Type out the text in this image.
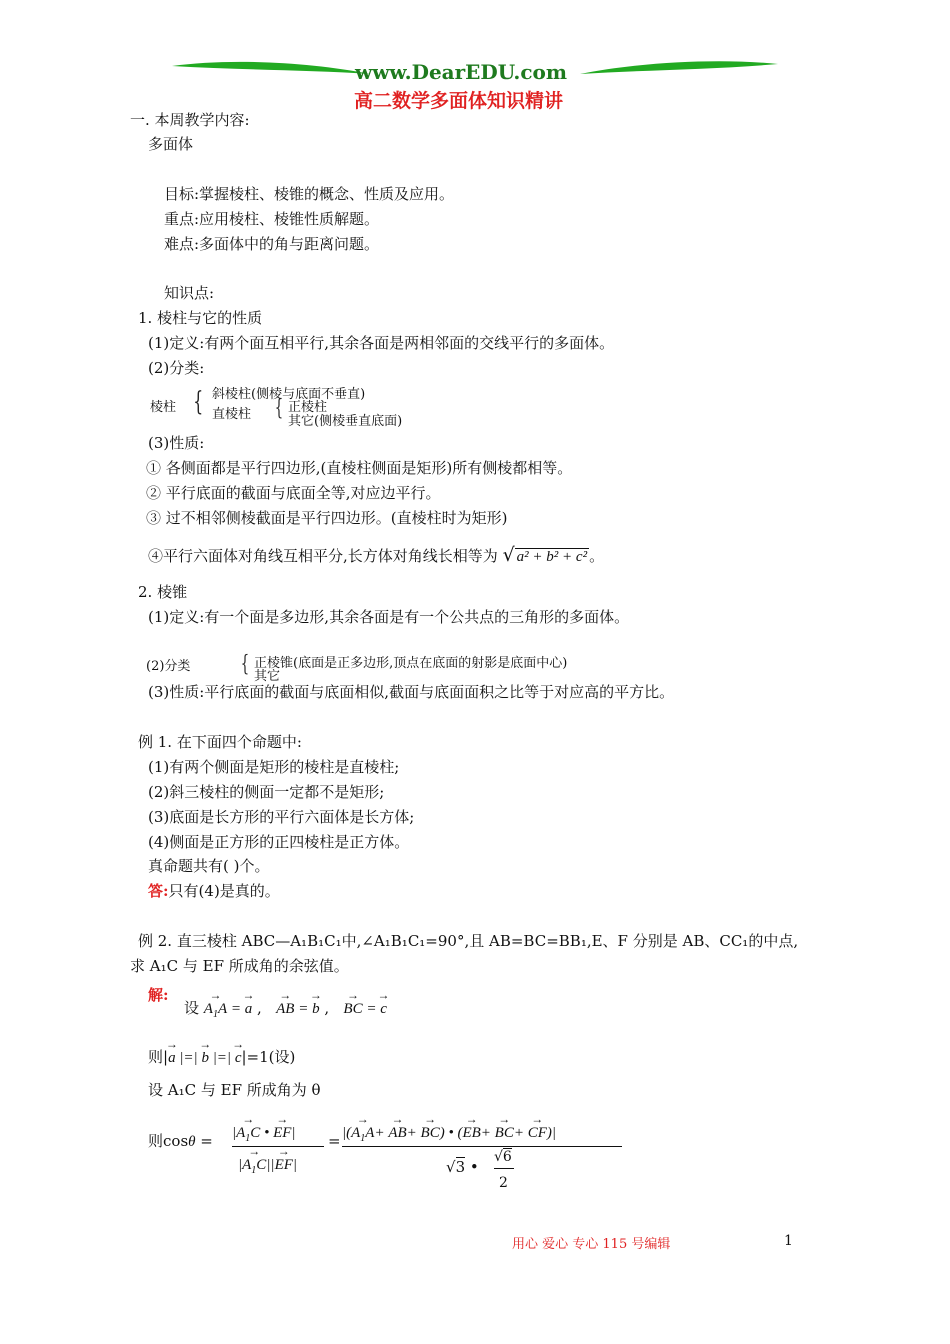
www.DearEDU.com
高二数学多面体知识精讲
一. 本周教学内容:
多面体
目标:掌握棱柱、棱锥的概念、性质及应用。
重点:应用棱柱、棱锥性质解题。
难点:多面体中的角与距离问题。
知识点:
1. 棱柱与它的性质
(1)定义:有两个面互相平行,其余各面是两相邻面的交线平行的多面体。
(2)分类:
棱柱 { 斜棱柱(侧棱与底面不垂直)
直棱柱 { 正棱柱
其它(侧棱垂直底面)
(3)性质:
① 各侧面都是平行四边形,(直棱柱侧面是矩形)所有侧棱都相等。
② 平行底面的截面与底面全等,对应边平行。
③ 过不相邻侧棱截面是平行四边形。(直棱柱时为矩形)
④平行六面体对角线互相平分,长方体对角线长相等为 √ a² + b² + c² 。
2. 棱锥
(1)定义:有一个面是多边形,其余各面是有一个公共点的三角形的多面体。
(2)分类 { 正棱锥(底面是正多边形,顶点在底面的射影是底面中心)
其它
(3)性质:平行底面的截面与底面相似,截面与底面面积之比等于对应高的平方比。
例 1. 在下面四个命题中:
(1)有两个侧面是矩形的棱柱是直棱柱;
(2)斜三棱柱的侧面一定都不是矩形;
(3)底面是长方形的平行六面体是长方体;
(4)侧面是正方形的正四棱柱是正方体。
真命题共有( )个。
答:只有(4)是真的。
例 2. 直三棱柱 ABC—A₁B₁C₁中,∠A₁B₁C₁=90°,且 AB=BC=BB₁,E、F 分别是 AB、CC₁的中点,
求 A₁C 与 EF 所成角的余弦值。
解:
设 → $A_1A$ = → a ,   → AB = → b ,   → BC = → c
则|→ a |=| → b |=| → c|=1(设)
设 A₁C 与 EF 所成角为 θ
则cosθ = |→ $A_1C$ • → EF|
|→ $A_1C||\to EF|$
= |(→ $A_1A+ \to AB+ \to BC$) • (→ EB+ → BC+ → CF)|
√3 •
√6
2
用心 爱心 专心 115 号编辑	1
